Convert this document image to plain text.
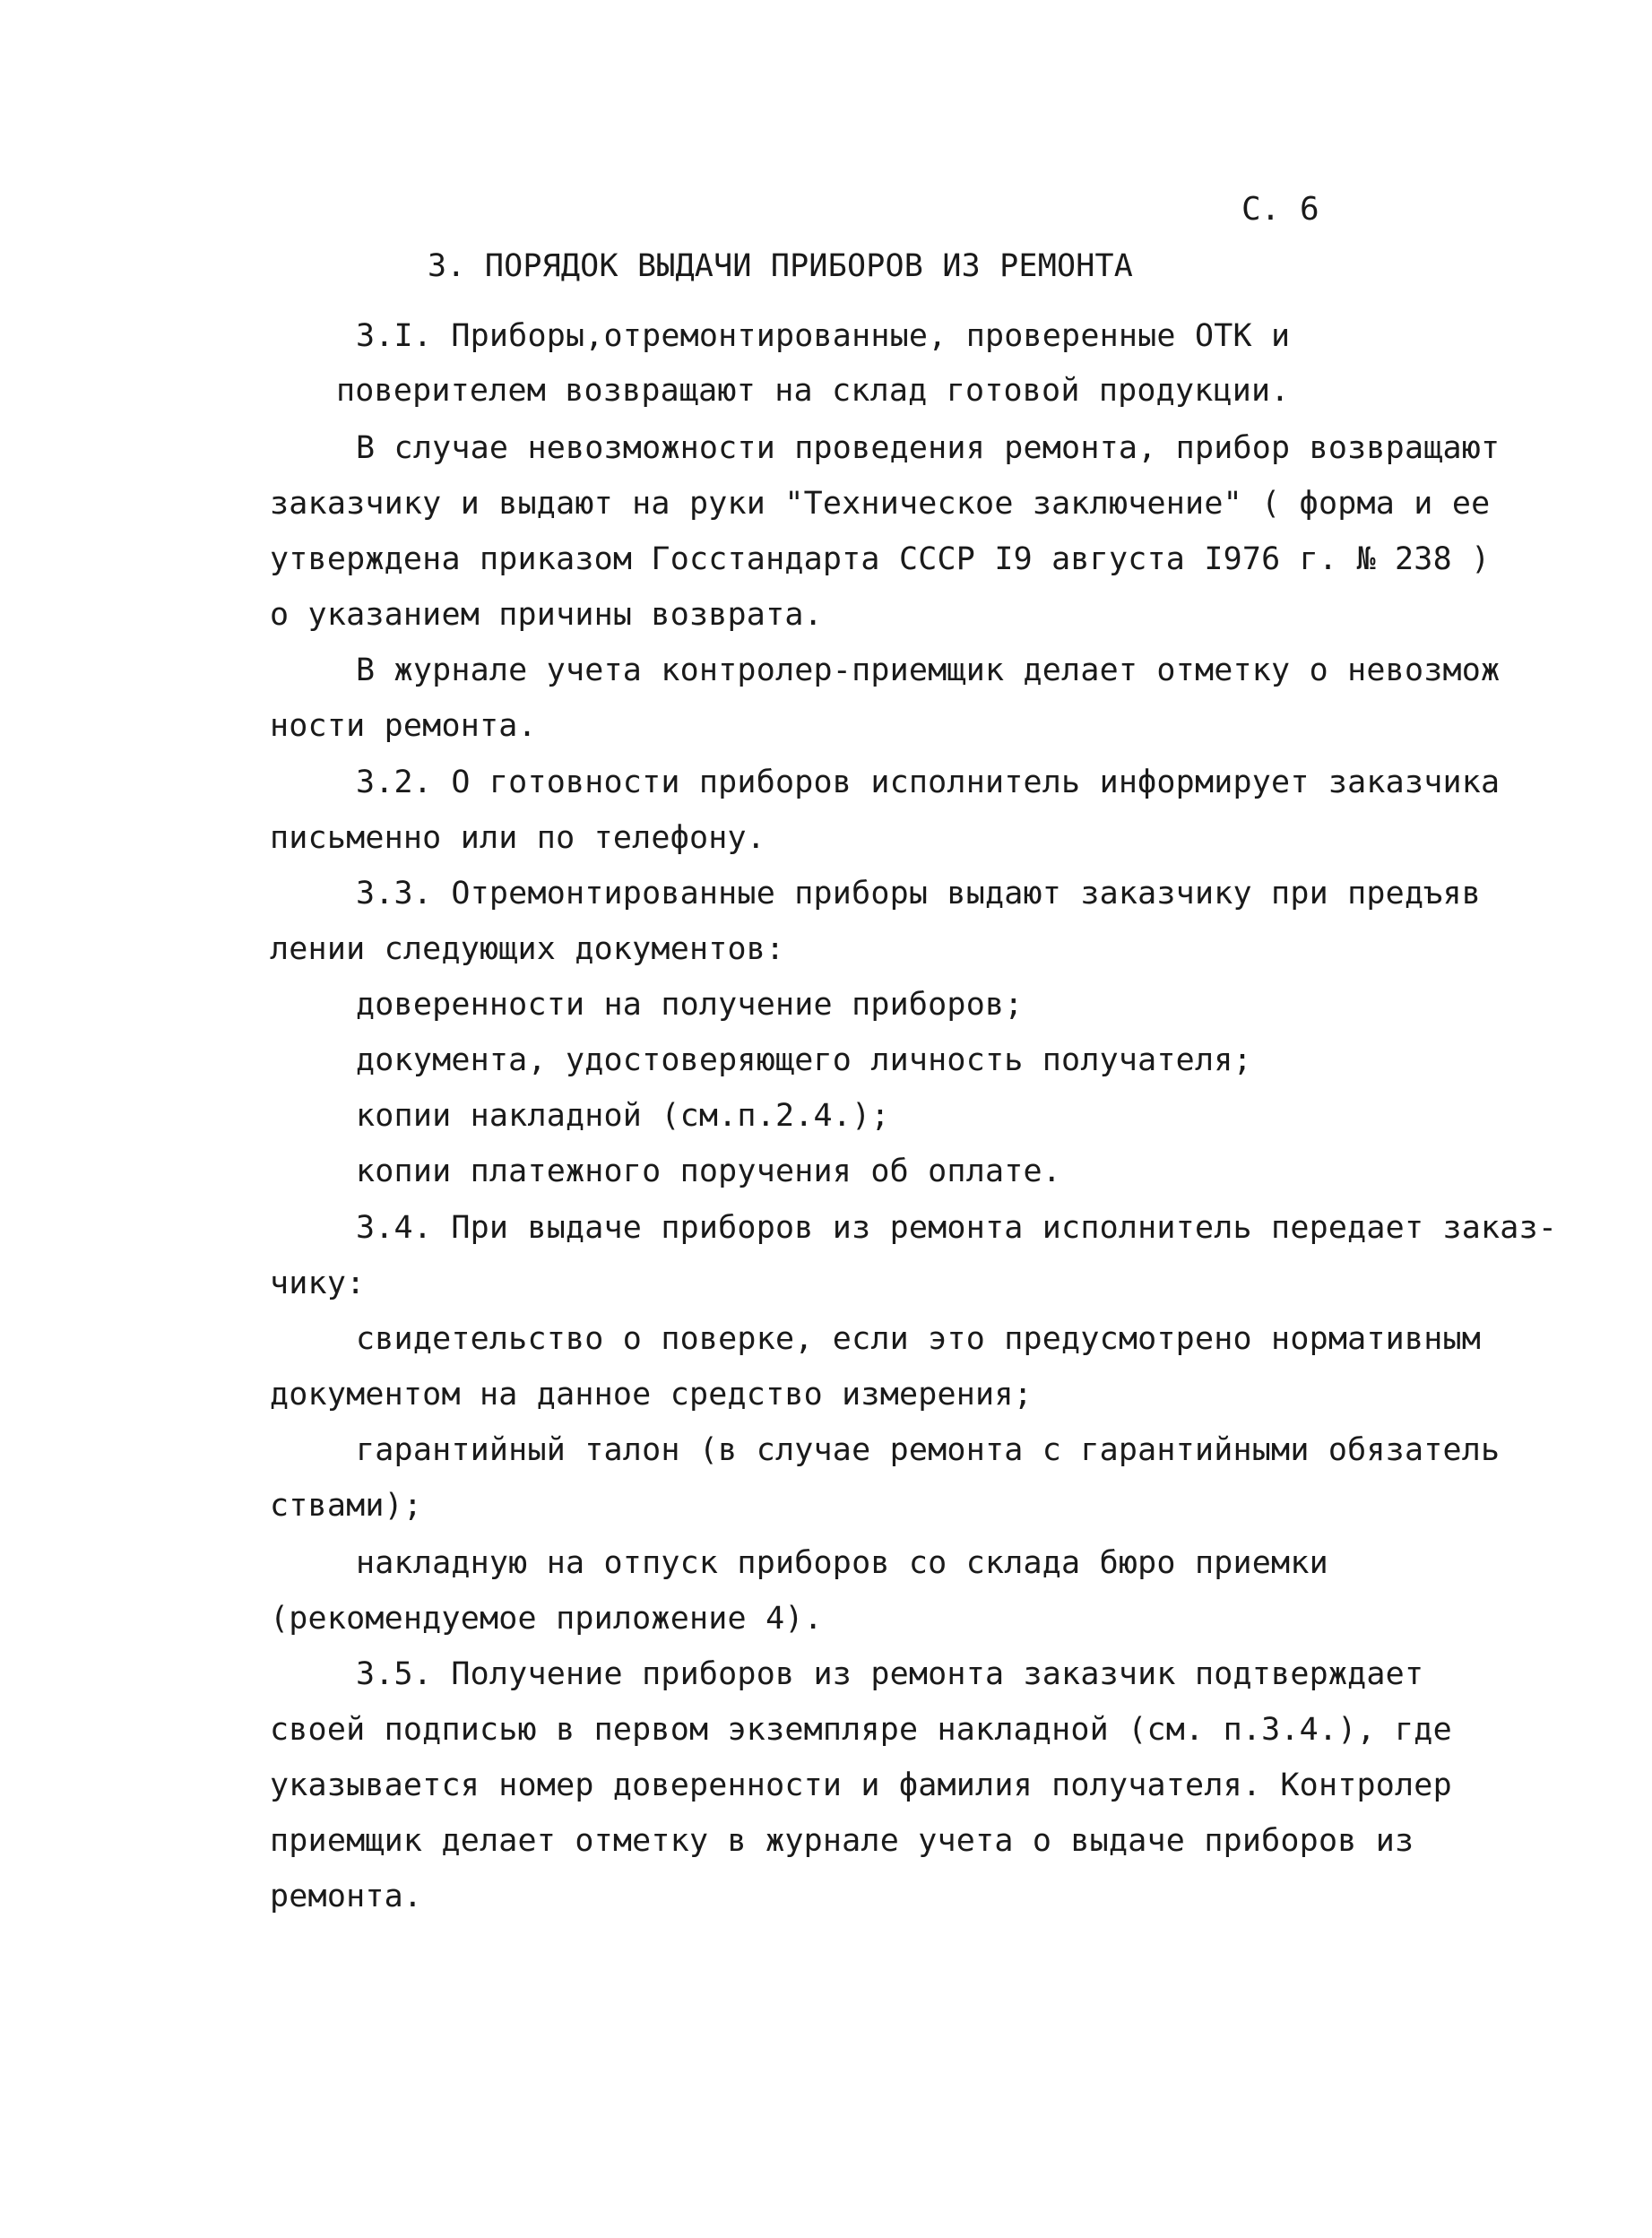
С. 6
3. ПОРЯДОК ВЫДАЧИ ПРИБОРОВ ИЗ РЕМОНТА
3.I. Приборы,отремонтированные, проверенные ОТК и
поверителем возвращают на склад готовой продукции.
В случае невозможности проведения ремонта, прибор возвращают
заказчику и выдают на руки "Техническое заключение" ( форма и ее
утверждена приказом Госстандарта СССР I9 августа I976 г. № 238 )
о указанием причины возврата.
В журнале учета контролер-приемщик делает отметку о невозмож
ности ремонта.
3.2. О готовности приборов исполнитель информирует заказчика
письменно или по телефону.
3.3. Отремонтированные приборы выдают заказчику при предъяв
лении следующих документов:
доверенности на получение приборов;
документа, удостоверяющего личность получателя;
копии накладной (см.п.2.4.);
копии платежного поручения об оплате.
3.4. При выдаче приборов из ремонта исполнитель передает заказ-
чику:
свидетельство о поверке, если это предусмотрено нормативным
документом на данное средство измерения;
гарантийный талон (в случае ремонта с гарантийными обязатель
ствами);
накладную на отпуск приборов со склада бюро приемки
(рекомендуемое приложение 4).
3.5. Получение приборов из ремонта заказчик подтверждает
своей подписью в первом экземпляре накладной (см. п.3.4.), где
указывается номер доверенности и фамилия получателя. Контролер
приемщик делает отметку в журнале учета о выдаче приборов из
ремонта.
